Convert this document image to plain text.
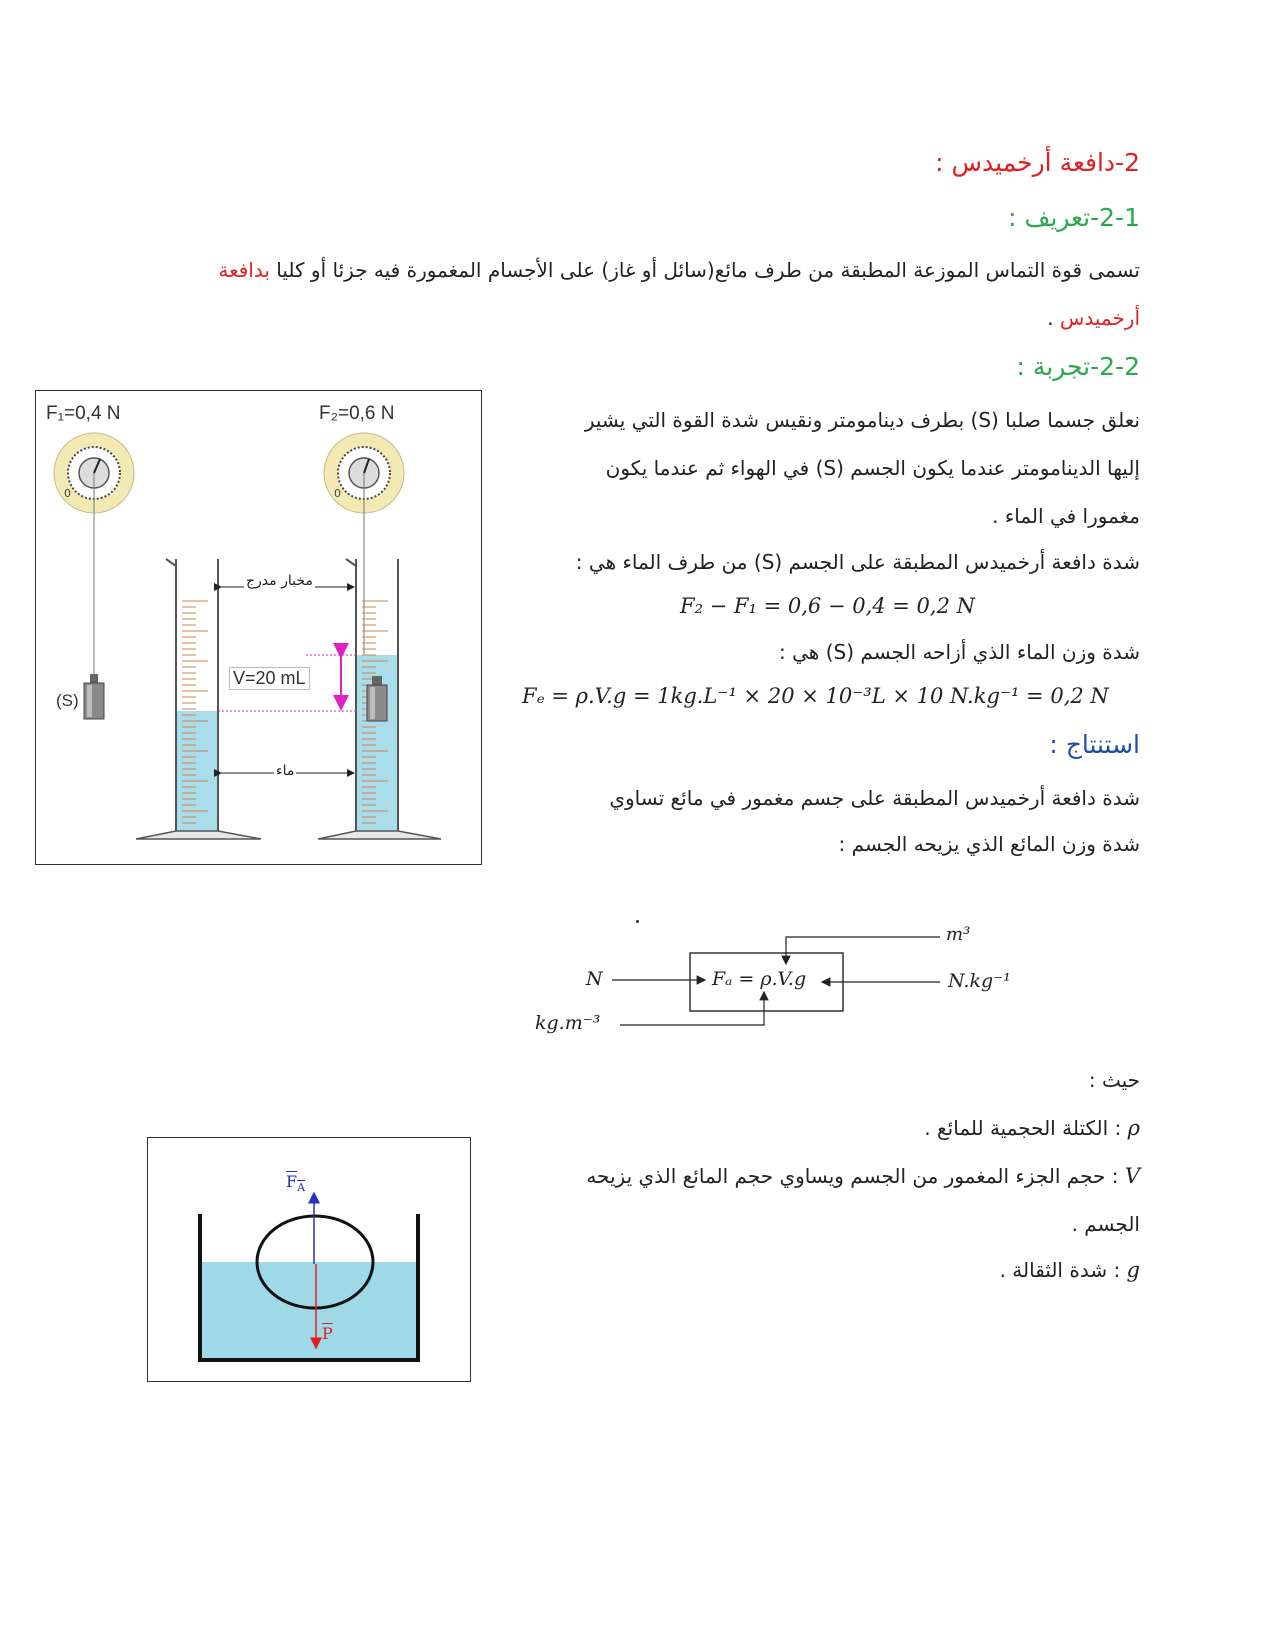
2-دافعة أرخميدس :
2-1-تعريف :
تسمى قوة التماس الموزعة المطبقة من طرف مائع(سائل أو غاز) على الأجسام المغمورة فيه جزئا أو كليا بدافعة
أرخميدس .
2-2-تجربة :
نعلق جسما صلبا (S) بطرف دينامومتر ونقيس شدة القوة التي يشير
إليها الدينامومتر عندما يكون الجسم (S) في الهواء ثم عندما يكون
مغمورا في الماء .
شدة دافعة أرخميدس المطبقة على الجسم (S) من طرف الماء هي :
F₂ − F₁ = 0,6 − 0,4 = 0,2 N
شدة وزن الماء الذي أزاحه الجسم (S) هي :
Fₑ = ρ.V.g = 1kg.L⁻¹ × 20 × 10⁻³L × 10 N.kg⁻¹ = 0,2 N
استنتاج :
شدة دافعة أرخميدس المطبقة على جسم مغمور في مائع تساوي
شدة وزن المائع الذي يزيحه الجسم :
Fₐ = ρ.V.g
N
m³
N.kg⁻¹
kg.m⁻³
حيث :
ρ : الكتلة الحجمية للمائع .
V : حجم الجزء المغمور من الجسم ويساوي حجم المائع الذي يزيحه
الجسم .
g : شدة الثقالة .
F₁=0,4 N	F₂=0,6 N
0	0
مخبار مدرج
V=20 mL
(S)
ماء
$F_A$
$\overline{P}$
